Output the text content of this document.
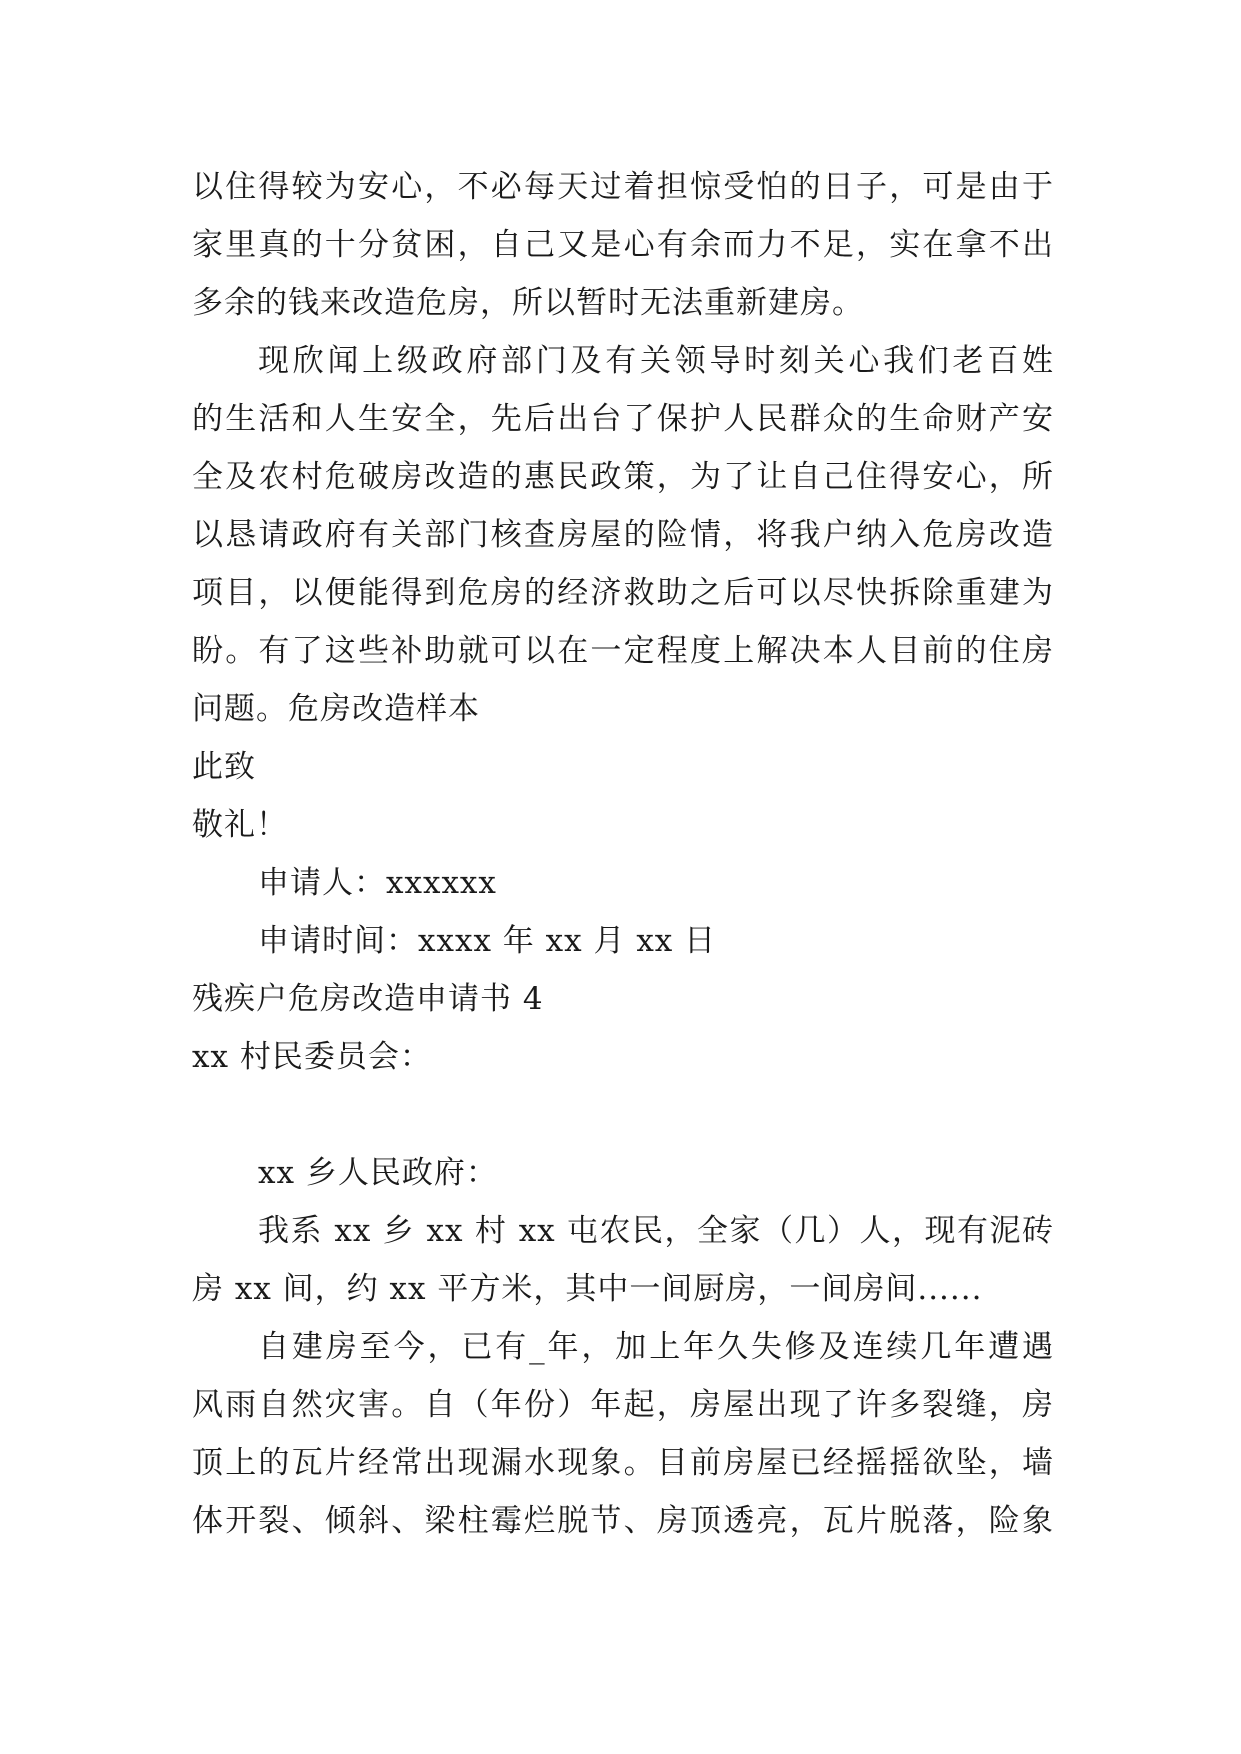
以住得较为安心，不必每天过着担惊受怕的日子，可是由于
家里真的十分贫困，自己又是心有余而力不足，实在拿不出
多余的钱来改造危房，所以暂时无法重新建房。
现欣闻上级政府部门及有关领导时刻关心我们老百姓
的生活和人生安全，先后出台了保护人民群众的生命财产安
全及农村危破房改造的惠民政策，为了让自己住得安心，所
以恳请政府有关部门核查房屋的险情，将我户纳入危房改造
项目，以便能得到危房的经济救助之后可以尽快拆除重建为
盼。有了这些补助就可以在一定程度上解决本人目前的住房
问题。危房改造样本
此致
敬礼！
申请人：xxxxxx
申请时间：xxxx 年 xx 月 xx 日
残疾户危房改造申请书 4
xx 村民委员会：
xx 乡人民政府：
我系 xx 乡 xx 村 xx 屯农民，全家（几）人，现有泥砖
房 xx 间，约 xx 平方米，其中一间厨房，一间房间......
自建房至今，已有_年，加上年久失修及连续几年遭遇
风雨自然灾害。自（年份）年起，房屋出现了许多裂缝，房
顶上的瓦片经常出现漏水现象。目前房屋已经摇摇欲坠，墙
体开裂、倾斜、梁柱霉烂脱节、房顶透亮，瓦片脱落，险象
